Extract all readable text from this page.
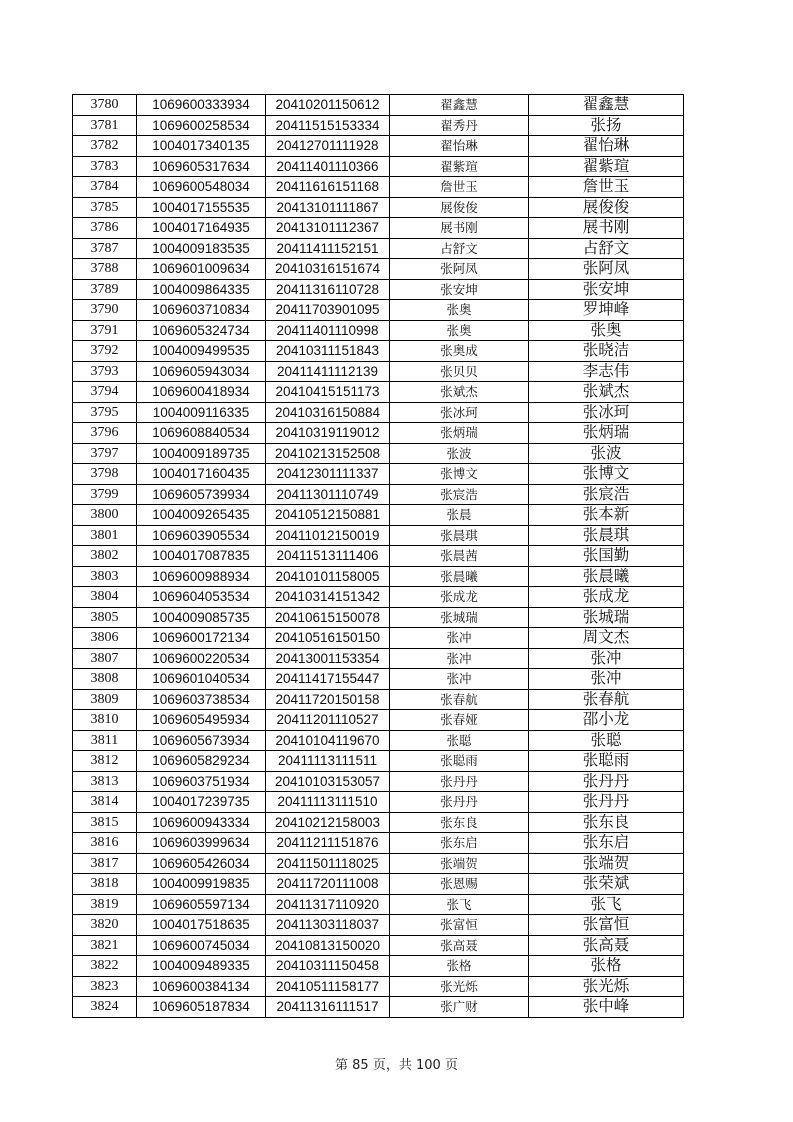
3780	1069600333934	20410201150612	翟鑫慧	翟鑫慧
3781	1069600258534	20411515153334	翟秀丹	张扬
3782	1004017340135	20412701111928	翟怡琳	翟怡琳
3783	1069605317634	20411401110366	翟紫瑄	翟紫瑄
3784	1069600548034	20411616151168	詹世玉	詹世玉
3785	1004017155535	20413101111867	展俊俊	展俊俊
3786	1004017164935	20413101112367	展书刚	展书刚
3787	1004009183535	20411411152151	占舒文	占舒文
3788	1069601009634	20410316151674	张阿凤	张阿凤
3789	1004009864335	20411316110728	张安坤	张安坤
3790	1069603710834	20411703901095	张奥	罗坤峰
3791	1069605324734	20411401110998	张奥	张奥
3792	1004009499535	20410311151843	张奥成	张晓洁
3793	1069605943034	20411411112139	张贝贝	李志伟
3794	1069600418934	20410415151173	张斌杰	张斌杰
3795	1004009116335	20410316150884	张冰珂	张冰珂
3796	1069608840534	20410319119012	张炳瑞	张炳瑞
3797	1004009189735	20410213152508	张波	张波
3798	1004017160435	20412301111337	张博文	张博文
3799	1069605739934	20411301110749	张宸浩	张宸浩
3800	1004009265435	20410512150881	张晨	张本新
3801	1069603905534	20411012150019	张晨琪	张晨琪
3802	1004017087835	20411513111406	张晨茜	张国勤
3803	1069600988934	20410101158005	张晨曦	张晨曦
3804	1069604053534	20410314151342	张成龙	张成龙
3805	1004009085735	20410615150078	张城瑞	张城瑞
3806	1069600172134	20410516150150	张冲	周文杰
3807	1069600220534	20413001153354	张冲	张冲
3808	1069601040534	20411417155447	张冲	张冲
3809	1069603738534	20411720150158	张春航	张春航
3810	1069605495934	20411201110527	张春娅	邵小龙
3811	1069605673934	20410104119670	张聪	张聪
3812	1069605829234	20411113111511	张聪雨	张聪雨
3813	1069603751934	20410103153057	张丹丹	张丹丹
3814	1004017239735	20411113111510	张丹丹	张丹丹
3815	1069600943334	20410212158003	张东良	张东良
3816	1069603999634	20411211151876	张东启	张东启
3817	1069605426034	20411501118025	张端贺	张端贺
3818	1004009919835	20411720111008	张恩赐	张荣斌
3819	1069605597134	20411317110920	张飞	张飞
3820	1004017518635	20411303118037	张富恒	张富恒
3821	1069600745034	20410813150020	张高聂	张高聂
3822	1004009489335	20410311150458	张格	张格
3823	1069600384134	20410511158177	张光烁	张光烁
3824	1069605187834	20411316111517	张广财	张中峰
第 85 页，共 100 页
